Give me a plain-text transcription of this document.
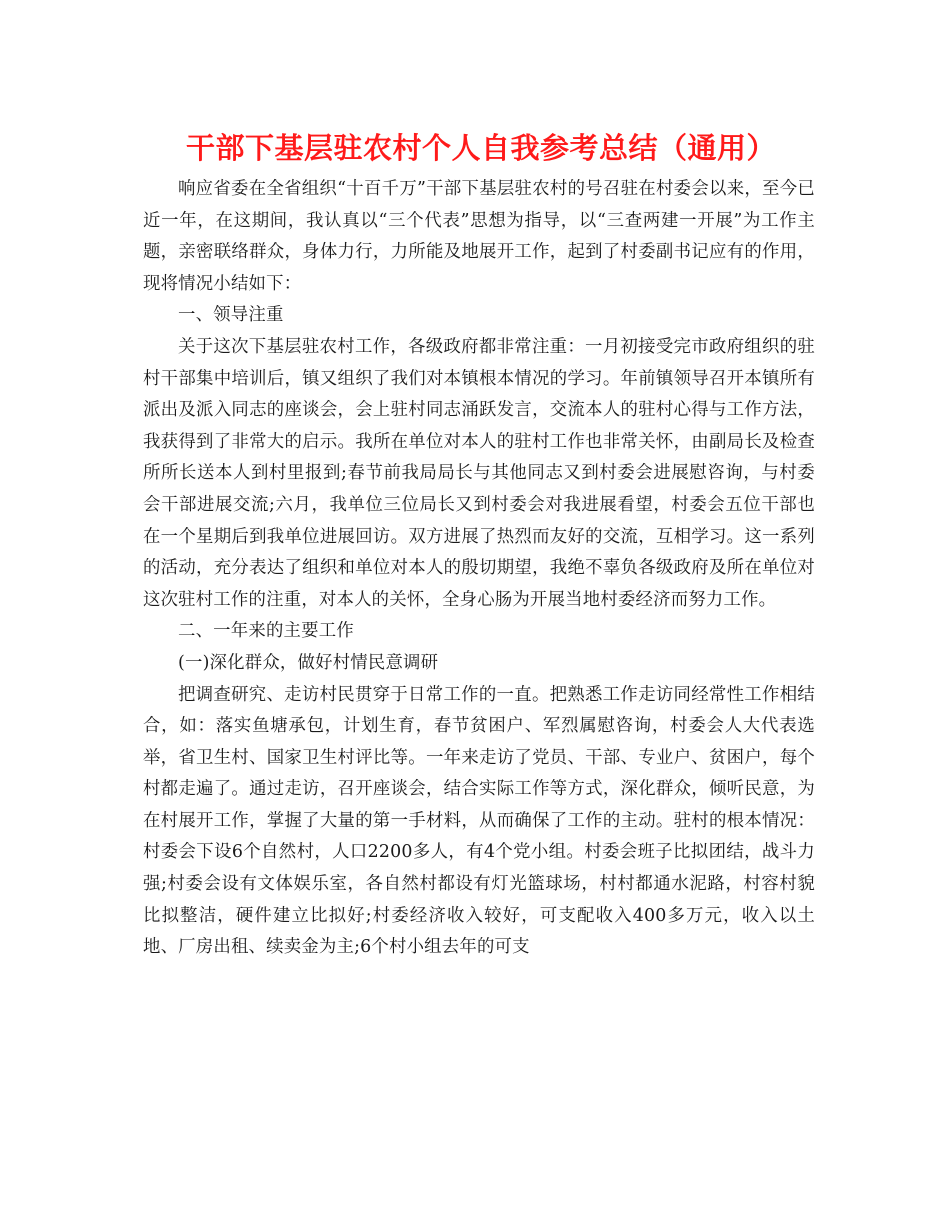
干部下基层驻农村个人自我参考总结（通用）

响应省委在全省组织“十百千万”干部下基层驻农村的号召驻在村委会以来，至今已近一年，在这期间，我认真以“三个代表”思想为指导，以“三查两建一开展”为工作主题，亲密联络群众，身体力行，力所能及地展开工作，起到了村委副书记应有的作用，现将情况小结如下：

一、领导注重

关于这次下基层驻农村工作，各级政府都非常注重：一月初接受完市政府组织的驻村干部集中培训后，镇又组织了我们对本镇根本情况的学习。年前镇领导召开本镇所有派出及派入同志的座谈会，会上驻村同志涌跃发言，交流本人的驻村心得与工作方法，我获得到了非常大的启示。我所在单位对本人的驻村工作也非常关怀，由副局长及检查所所长送本人到村里报到;春节前我局局长与其他同志又到村委会进展慰咨询，与村委会干部进展交流;六月，我单位三位局长又到村委会对我进展看望，村委会五位干部也在一个星期后到我单位进展回访。双方进展了热烈而友好的交流，互相学习。这一系列的活动，充分表达了组织和单位对本人的殷切期望，我绝不辜负各级政府及所在单位对这次驻村工作的注重，对本人的关怀，全身心肠为开展当地村委经济而努力工作。

二、一年来的主要工作

(一)深化群众，做好村情民意调研

把调查研究、走访村民贯穿于日常工作的一直。把熟悉工作走访同经常性工作相结合，如：落实鱼塘承包，计划生育，春节贫困户、军烈属慰咨询，村委会人大代表选举，省卫生村、国家卫生村评比等。一年来走访了党员、干部、专业户、贫困户，每个村都走遍了。通过走访，召开座谈会，结合实际工作等方式，深化群众，倾听民意，为在村展开工作，掌握了大量的第一手材料，从而确保了工作的主动。驻村的根本情况：村委会下设6个自然村，人口2200多人，有4个党小组。村委会班子比拟团结，战斗力强;村委会设有文体娱乐室，各自然村都设有灯光篮球场，村村都通水泥路，村容村貌比拟整洁，硬件建立比拟好;村委经济收入较好，可支配收入400多万元，收入以土地、厂房出租、续卖金为主;6个村小组去年的可支
